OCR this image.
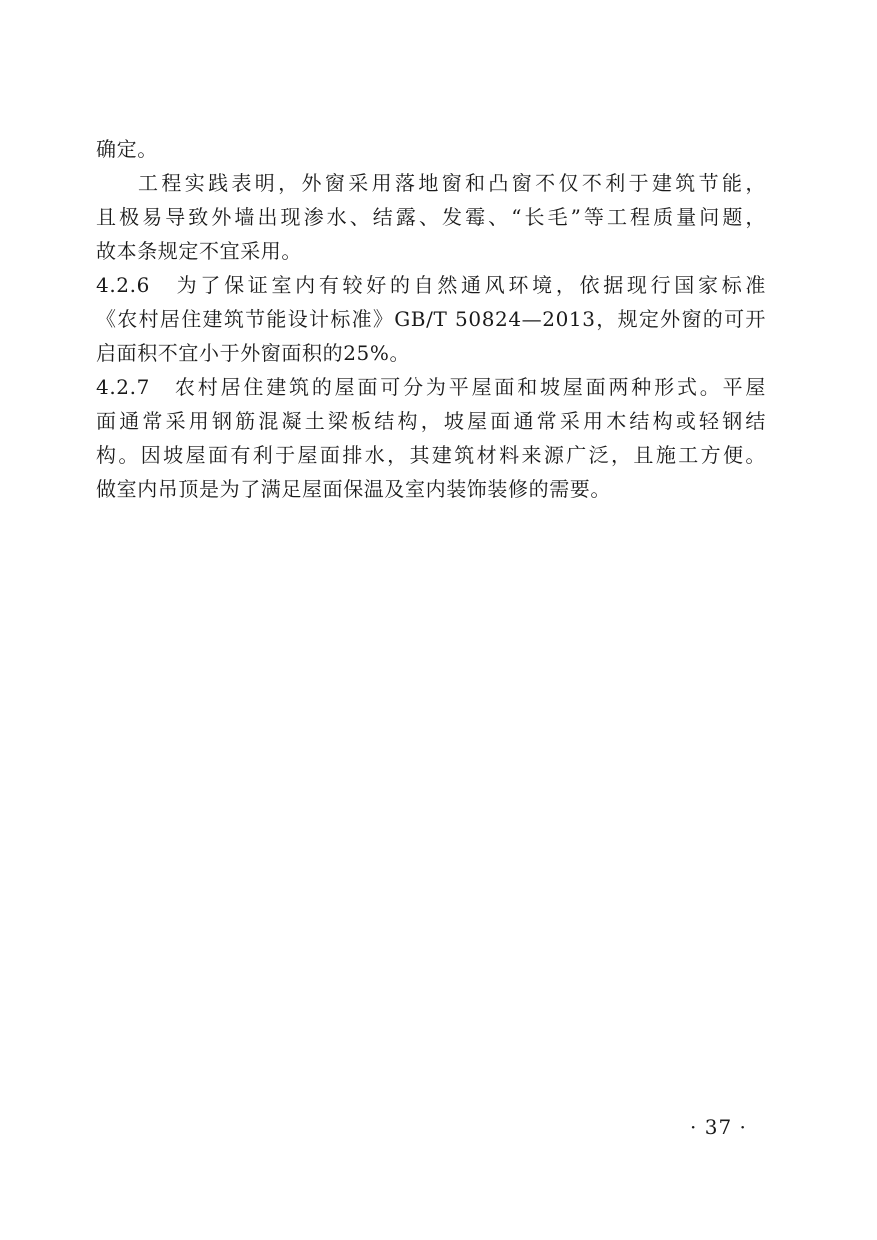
确定。
工程实践表明，外窗采用落地窗和凸窗不仅不利于建筑节能，
且极易导致外墙出现渗水、结露、发霉、“长毛”等工程质量问题，
故本条规定不宜采用。
4.2.6　为了保证室内有较好的自然通风环境，依据现行国家标准
《农村居住建筑节能设计标准》GB/T 50824—2013，规定外窗的可开
启面积不宜小于外窗面积的25%。
4.2.7　农村居住建筑的屋面可分为平屋面和坡屋面两种形式。平屋
面通常采用钢筋混凝土梁板结构，坡屋面通常采用木结构或轻钢结
构。因坡屋面有利于屋面排水，其建筑材料来源广泛，且施工方便。
做室内吊顶是为了满足屋面保温及室内装饰装修的需要。
· 37 ·
